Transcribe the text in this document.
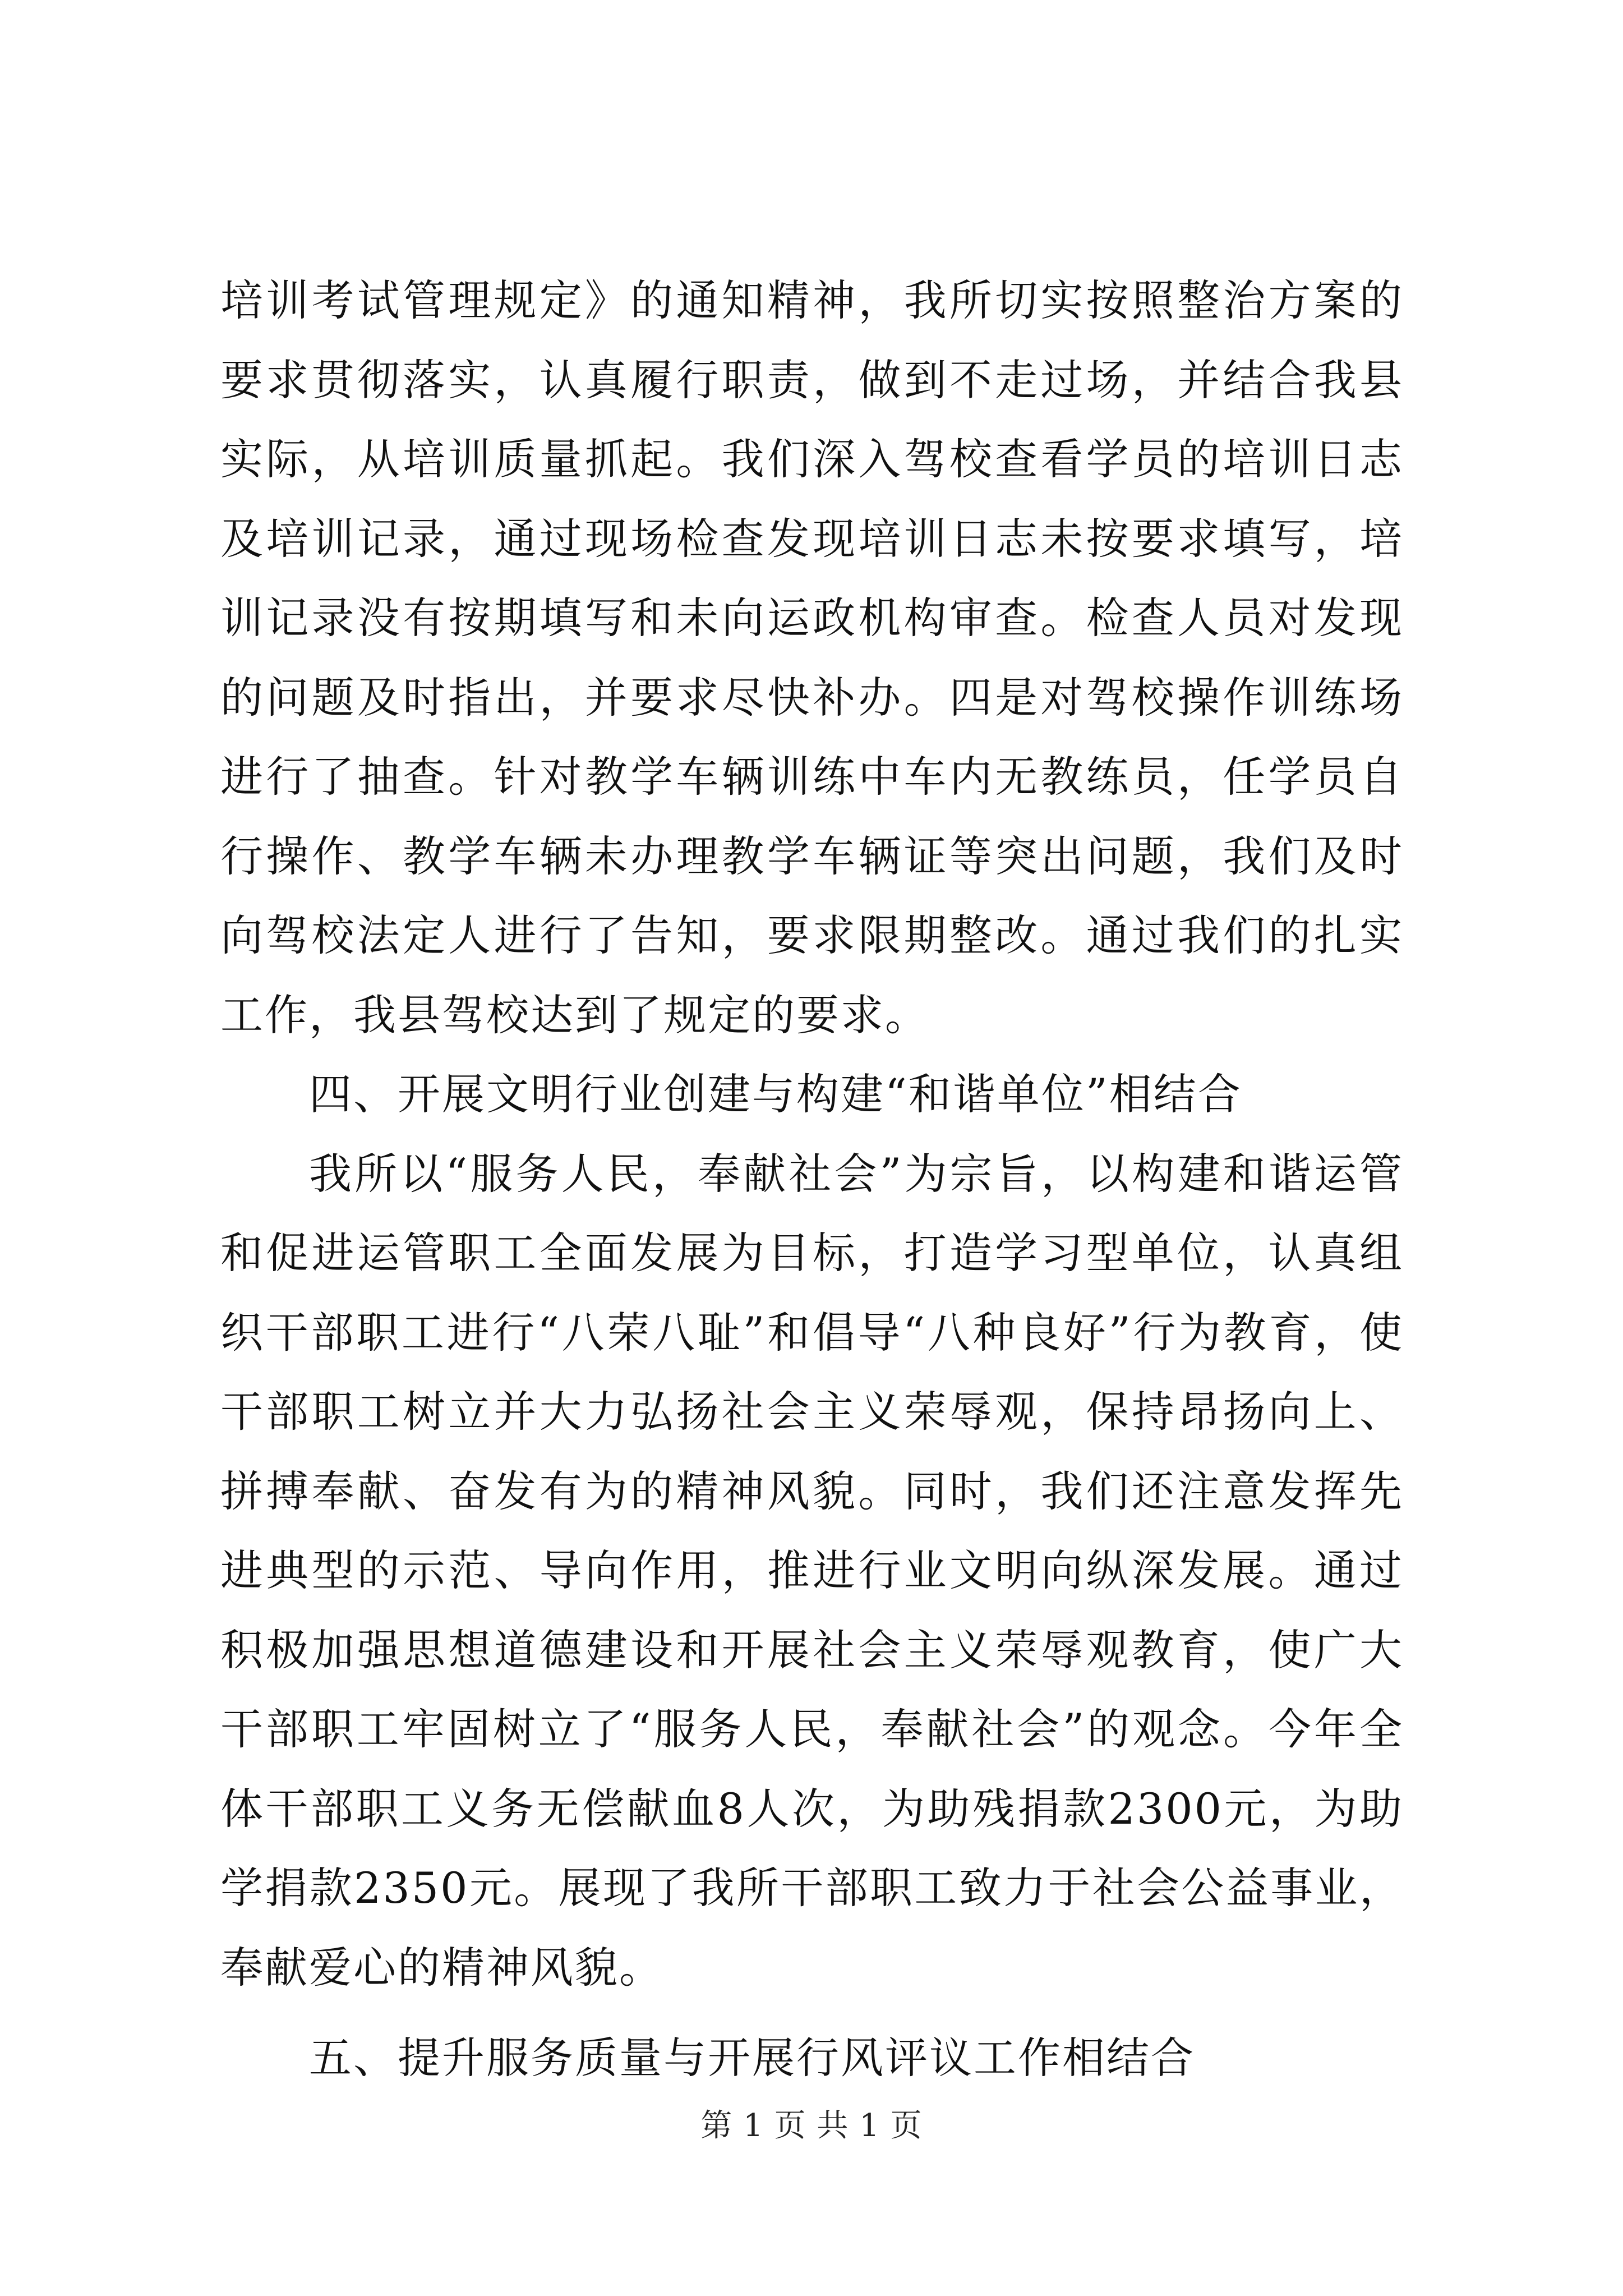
培训考试管理规定》的通知精神，我所切实按照整治方案的要求贯彻落实，认真履行职责，做到不走过场，并结合我县实际，从培训质量抓起。我们深入驾校查看学员的培训日志及培训记录，通过现场检查发现培训日志未按要求填写，培训记录没有按期填写和未向运政机构审查。检查人员对发现的问题及时指出，并要求尽快补办。四是对驾校操作训练场进行了抽查。针对教学车辆训练中车内无教练员，任学员自行操作、教学车辆未办理教学车辆证等突出问题，我们及时向驾校法定人进行了告知，要求限期整改。通过我们的扎实工作，我县驾校达到了规定的要求。

四、开展文明行业创建与构建“和谐单位”相结合

我所以“服务人民，奉献社会”为宗旨，以构建和谐运管和促进运管职工全面发展为目标，打造学习型单位，认真组织干部职工进行“八荣八耻”和倡导“八种良好”行为教育，使干部职工树立并大力弘扬社会主义荣辱观，保持昂扬向上、拼搏奉献、奋发有为的精神风貌。同时，我们还注意发挥先进典型的示范、导向作用，推进行业文明向纵深发展。通过积极加强思想道德建设和开展社会主义荣辱观教育，使广大干部职工牢固树立了“服务人民，奉献社会”的观念。今年全体干部职工义务无偿献血8人次，为助残捐款2300元，为助学捐款2350元。展现了我所干部职工致力于社会公益事业，奉献爱心的精神风貌。

五、提升服务质量与开展行风评议工作相结合

第 1 页 共 1 页
